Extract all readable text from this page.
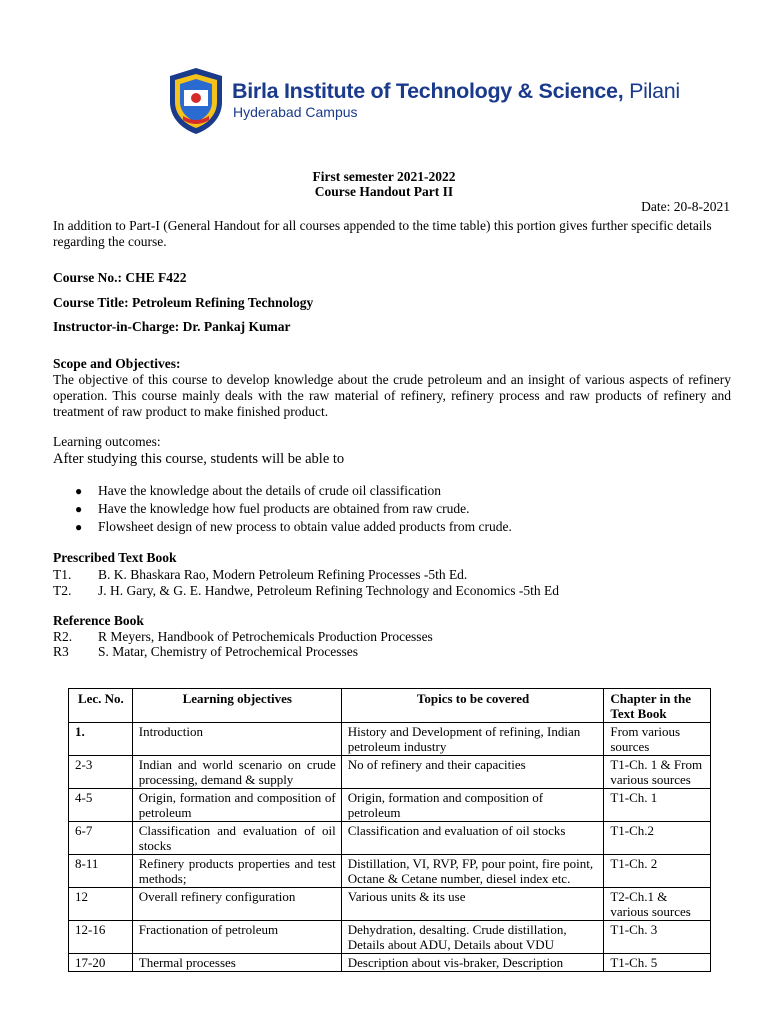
Birla Institute of Technology & Science, Pilani
Hyderabad Campus
First semester 2021-2022
Course Handout Part II
Date: 20-8-2021
In addition to Part-I (General Handout for all courses appended to the time table) this portion gives further specific details regarding the course.
Course No.: CHE F422
Course Title: Petroleum Refining Technology
Instructor-in-Charge: Dr. Pankaj Kumar
Scope and Objectives:
The objective of this course to develop knowledge about the crude petroleum and an insight of various aspects of refinery operation. This course mainly deals with the raw material of refinery, refinery process and raw products of refinery and treatment of raw product to make finished product.
Learning outcomes:
After studying this course, students will be able to
● Have the knowledge about the details of crude oil classification
● Have the knowledge how fuel products are obtained from raw crude.
● Flowsheet design of new process to obtain value added products from crude.
Prescribed Text Book
T1. B. K. Bhaskara Rao, Modern Petroleum Refining Processes -5th Ed.
T2. J. H. Gary, & G. E. Handwe, Petroleum Refining Technology and Economics -5th Ed
Reference Book
R2. R Meyers, Handbook of Petrochemicals Production Processes
R3 S. Matar, Chemistry of Petrochemical Processes
Lec. No.	Learning objectives	Topics to be covered	Chapter in the Text Book
1.	Introduction	History and Development of refining, Indian petroleum industry	From various sources
2-3	Indian and world scenario on crude processing, demand & supply	No of refinery and their capacities	T1-Ch. 1 & From various sources
4-5	Origin, formation and composition of petroleum	Origin, formation and composition of petroleum	T1-Ch. 1
6-7	Classification and evaluation of oil stocks	Classification and evaluation of oil stocks	T1-Ch.2
8-11	Refinery products properties and test methods;	Distillation, VI, RVP, FP, pour point, fire point, Octane & Cetane number, diesel index etc.	T1-Ch. 2
12	Overall refinery configuration	Various units & its use	T2-Ch.1 & various sources
12-16	Fractionation of petroleum	Dehydration, desalting. Crude distillation, Details about ADU, Details about VDU	T1-Ch. 3
17-20	Thermal processes	Description about vis-braker, Description	T1-Ch. 5
